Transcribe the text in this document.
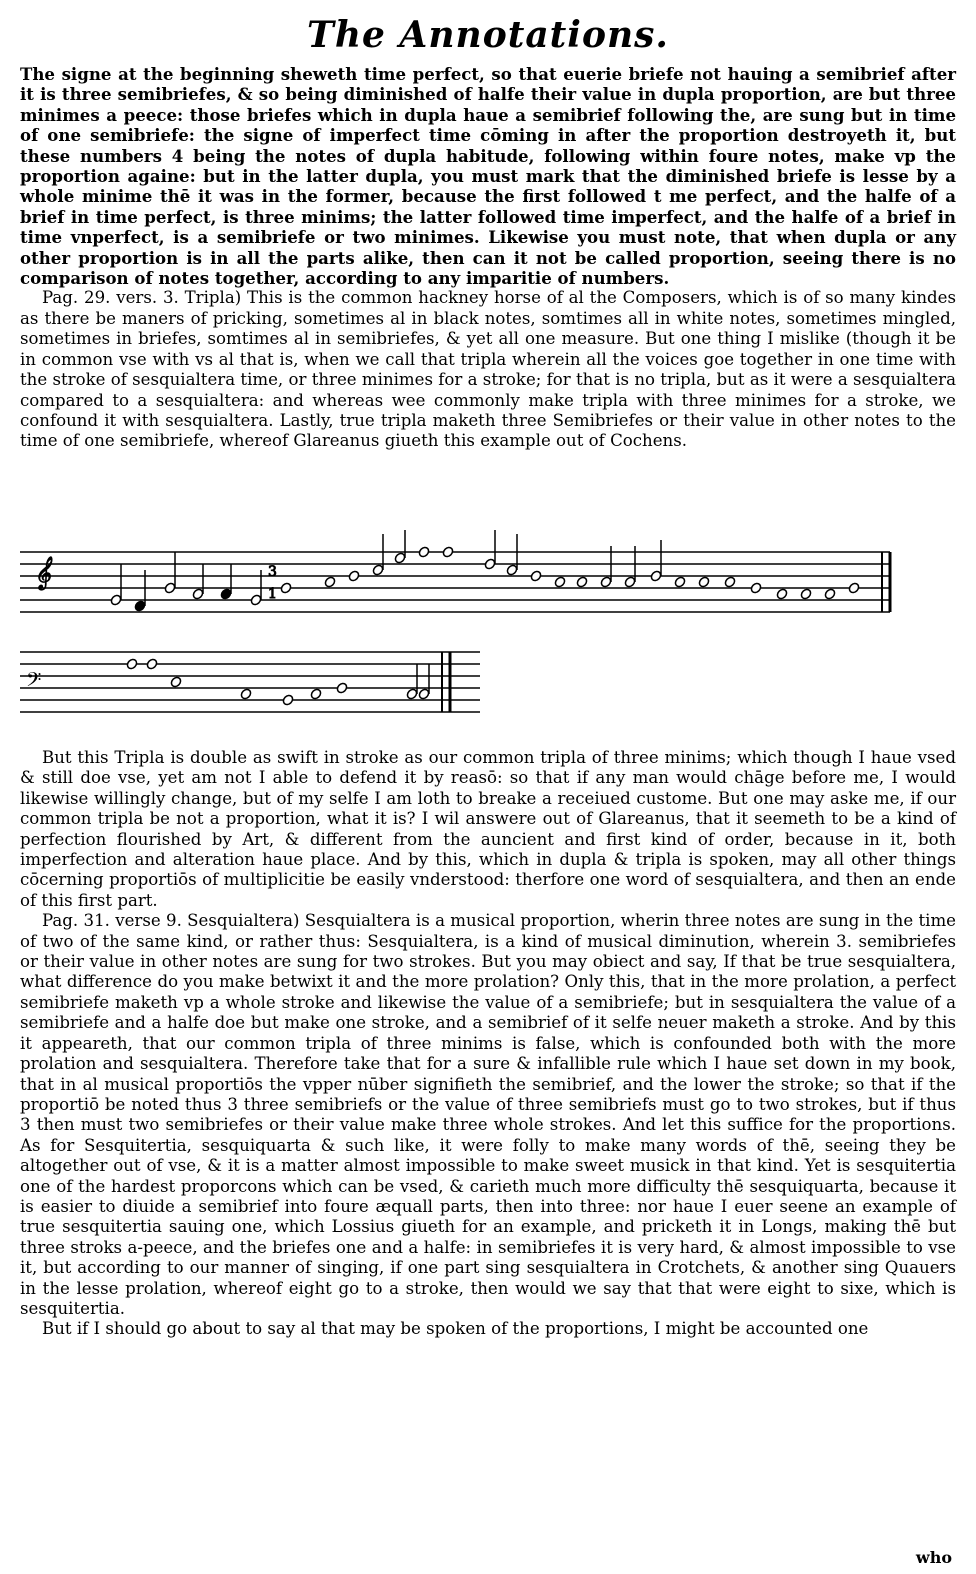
The Annotations.

The signe at the beginning sheweth time perfect, so that euerie briefe not hauing a semibrief after it is three semibriefes, & so being diminished of halfe their value in dupla proportion, are but three minimes a peece: those briefes which in dupla haue a semibrief following the, are sung but in time of one semibriefe: the signe of imperfect time cōming in after the proportion destroyeth it, but these numbers 4 being the notes of dupla habitude, following within foure notes, make vp the proportion againe: but in the latter dupla, you must mark that the diminished briefe is lesse by a whole minime thē it was in the former, because the first followed t me perfect, and the halfe of a brief in time perfect, is three minims; the latter followed time imperfect, and the halfe of a brief in time vnperfect, is a semibriefe or two minimes. Likewise you must note, that when dupla or any other proportion is in all the parts alike, then can it not be called proportion, seeing there is no comparison of notes together, according to any imparitie of numbers.

Pag. 29. vers. 3. Tripla) This is the common hackney horse of al the Composers, which is of so many kindes as there be maners of pricking, sometimes al in black notes, somtimes all in white notes, sometimes mingled, sometimes in briefes, somtimes al in semibriefes, & yet all one measure. But one thing I mislike (though it be in common vse with vs al that is, when we call that tripla wherein all the voices goe together in one time with the stroke of sesquialtera time, or three minimes for a stroke; for that is no tripla, but as it were a sesquialtera compared to a sesquialtera: and whereas wee commonly make tripla with three minimes for a stroke, we confound it with sesquialtera. Lastly, true tripla maketh three Semibriefes or their value in other notes to the time of one semibriefe, whereof Glareanus giueth this example out of Cochens.

𝄞	3
1
𝄢

But this Tripla is double as swift in stroke as our common tripla of three minims; which though I haue vsed & still doe vse, yet am not I able to defend it by reasō: so that if any man would chāge before me, I would likewise willingly change, but of my selfe I am loth to breake a receiued custome. But one may aske me, if our common tripla be not a proportion, what it is? I wil answere out of Glareanus, that it seemeth to be a kind of perfection flourished by Art, & different from the auncient and first kind of order, because in it, both imperfection and alteration haue place. And by this, which in dupla & tripla is spoken, may all other things cōcerning proportiōs of multiplicitie be easily vnderstood: therfore one word of sesquialtera, and then an ende of this first part.

Pag. 31. verse 9. Sesquialtera) Sesquialtera is a musical proportion, wherin three notes are sung in the time of two of the same kind, or rather thus: Sesquialtera, is a kind of musical diminution, wherein 3. semibriefes or their value in other notes are sung for two strokes. But you may obiect and say, If that be true sesquialtera, what difference do you make betwixt it and the more prolation? Only this, that in the more prolation, a perfect semibriefe maketh vp a whole stroke and likewise the value of a semibriefe; but in sesquialtera the value of a semibriefe and a halfe doe but make one stroke, and a semibrief of it selfe neuer maketh a stroke. And by this it appeareth, that our common tripla of three minims is false, which is confounded both with the more prolation and sesquialtera. Therefore take that for a sure & infallible rule which I haue set down in my book, that in al musical proportiōs the vpper nūber signifieth the semibrief, and the lower the stroke; so that if the proportiō be noted thus 3 three semibriefs or the value of three semibriefs must go to two strokes, but if thus 3 then must two semibriefes or their value make three whole strokes. And let this suffice for the proportions. As for Sesquitertia, sesquiquarta & such like, it were folly to make many words of thē, seeing they be altogether out of vse, & it is a matter almost impossible to make sweet musick in that kind. Yet is sesquitertia one of the hardest proporcons which can be vsed, & carieth much more difficulty thē sesquiquarta, because it is easier to diuide a semibrief into foure æquall parts, then into three: nor haue I euer seene an example of true sesquitertia sauing one, which Lossius giueth for an example, and pricketh it in Longs, making thē but three stroks a-peece, and the briefes one and a halfe: in semibriefes it is very hard, & almost impossible to vse it, but according to our manner of singing, if one part sing sesquialtera in Crotchets, & another sing Quauers in the lesse prolation, whereof eight go to a stroke, then would we say that that were eight to sixe, which is sesquitertia.

But if I should go about to say al that may be spoken of the proportions, I might be accounted one

who
